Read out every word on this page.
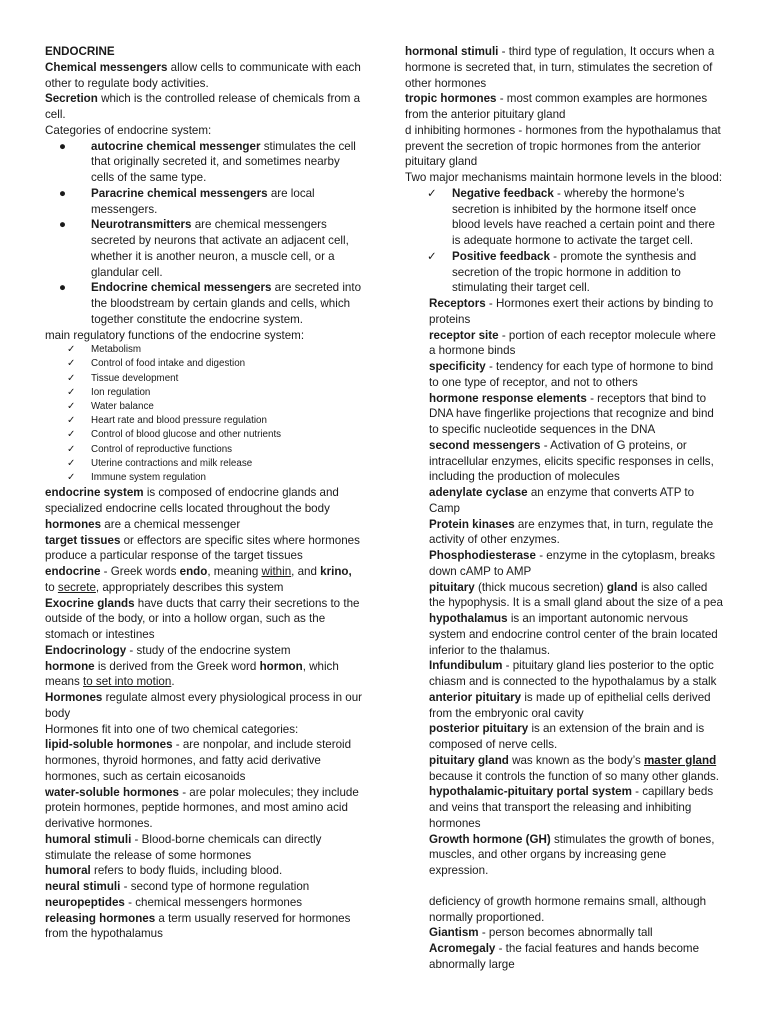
ENDOCRINE

Chemical messengers allow cells to communicate with each other to regulate body activities.

Secretion which is the controlled release of chemicals from a cell.

Categories of endocrine system:

● autocrine chemical messenger stimulates the cell that originally secreted it, and sometimes nearby cells of the same type.
● Paracrine chemical messengers are local messengers.
● Neurotransmitters are chemical messengers secreted by neurons that activate an adjacent cell, whether it is another neuron, a muscle cell, or a glandular cell.
● Endocrine chemical messengers are secreted into the bloodstream by certain glands and cells, which together constitute the endocrine system.

main regulatory functions of the endocrine system:

✓ Metabolism
✓ Control of food intake and digestion
✓ Tissue development
✓ Ion regulation
✓ Water balance
✓ Heart rate and blood pressure regulation
✓ Control of blood glucose and other nutrients
✓ Control of reproductive functions
✓ Uterine contractions and milk release
✓ Immune system regulation

endocrine system is composed of endocrine glands and specialized endocrine cells located throughout the body

hormones are a chemical messenger

target tissues or effectors are specific sites where hormones produce a particular response of the target tissues

endocrine - Greek words endo, meaning within, and krino, to secrete, appropriately describes this system

Exocrine glands have ducts that carry their secretions to the outside of the body, or into a hollow organ, such as the stomach or intestines

Endocrinology - study of the endocrine system

hormone is derived from the Greek word hormon, which means to set into motion.

Hormones regulate almost every physiological process in our body

Hormones fit into one of two chemical categories:

lipid-soluble hormones - are nonpolar, and include steroid hormones, thyroid hormones, and fatty acid derivative hormones, such as certain eicosanoids

water-soluble hormones - are polar molecules; they include protein hormones, peptide hormones, and most amino acid derivative hormones.

humoral stimuli - Blood-borne chemicals can directly stimulate the release of some hormones

humoral refers to body fluids, including blood.

neural stimuli - second type of hormone regulation

neuropeptides - chemical messengers hormones

releasing hormones a term usually reserved for hormones from the hypothalamus

hormonal stimuli - third type of regulation, It occurs when a hormone is secreted that, in turn, stimulates the secretion of other hormones

tropic hormones - most common examples are hormones from the anterior pituitary gland

d inhibiting hormones - hormones from the hypothalamus that prevent the secretion of tropic hormones from the anterior pituitary gland

Two major mechanisms maintain hormone levels in the blood:

✓ Negative feedback - whereby the hormone’s secretion is inhibited by the hormone itself once blood levels have reached a certain point and there is adequate hormone to activate the target cell.
✓ Positive feedback - promote the synthesis and secretion of the tropic hormone in addition to stimulating their target cell.

Receptors - Hormones exert their actions by binding to proteins

receptor site - portion of each receptor molecule where a hormone binds

specificity - tendency for each type of hormone to bind to one type of receptor, and not to others

hormone response elements - receptors that bind to DNA have fingerlike projections that recognize and bind to specific nucleotide sequences in the DNA

second messengers - Activation of G proteins, or intracellular enzymes, elicits specific responses in cells, including the production of molecules

adenylate cyclase an enzyme that converts ATP to Camp

Protein kinases are enzymes that, in turn, regulate the activity of other enzymes.

Phosphodiesterase - enzyme in the cytoplasm, breaks down cAMP to AMP

pituitary (thick mucous secretion) gland is also called the hypophysis. It is a small gland about the size of a pea

hypothalamus is an important autonomic nervous system and endocrine control center of the brain located inferior to the thalamus.

Infundibulum - pituitary gland lies posterior to the optic chiasm and is connected to the hypothalamus by a stalk

anterior pituitary is made up of epithelial cells derived from the embryonic oral cavity

posterior pituitary is an extension of the brain and is composed of nerve cells.

pituitary gland was known as the body’s master gland because it controls the function of so many other glands.

hypothalamic-pituitary portal system - capillary beds and veins that transport the releasing and inhibiting hormones

Growth hormone (GH) stimulates the growth of bones, muscles, and other organs by increasing gene expression.

deficiency of growth hormone remains small, although normally proportioned.

Giantism - person becomes abnormally tall

Acromegaly - the facial features and hands become abnormally large
